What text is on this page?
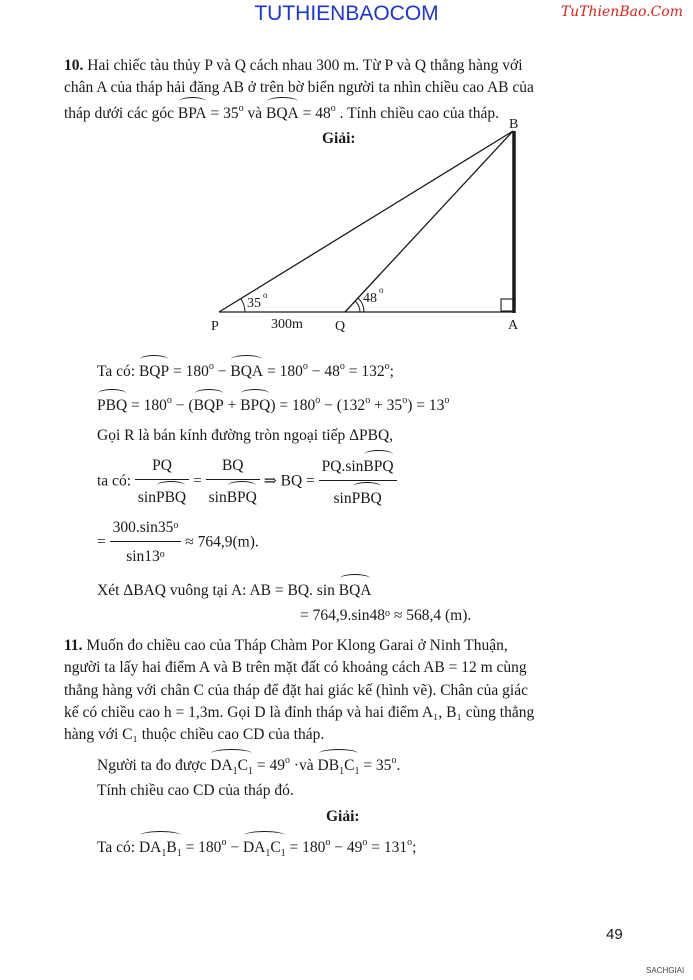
TUTHIENBAOCOM	TuThienBao.Com
10. Hai chiếc tàu thủy P và Q cách nhau 300 m. Từ P và Q thẳng hàng với
chân A của tháp hải đăng AB ở trên bờ biển người ta nhìn chiều cao AB của
tháp dưới các góc BPA = $35^o$ và BQA = $48^o$ . Tính chiều cao của tháp.
Giải:
B
P	Q	A
300m
35
o	48
o
Ta có: BQP = $180^o$ − BQA = $180^o - 48^o = 132^o$;
PBQ = $180^o - (BQP + BPQ) = 180^o - (132^o + 35^o) = 13^o$
Gọi R là bán kính đường tròn ngoại tiếp ΔPBQ,
ta có: $\frac{PQ}{\text{sinPBQ}} = \frac{BQ}{\text{sinBPQ}}$ ⇒ BQ = $\frac{\text{PQ.sinBPQ}}{\text{sinPBQ}}$
= $\frac{300.\sin 35^o}{\sin 13^o} \approx 764,9(m)$.
Xét ΔBAQ vuông tại A: AB = BQ. sin BQA
= $764,9.\sin 48^o \approx 568,4$ (m).
11. Muốn đo chiều cao của Tháp Chàm Por Klong Garai ở Ninh Thuận,
người ta lấy hai điểm A và B trên mặt đất có khoảng cách AB = 12 m cùng
thẳng hàng với chân C của tháp để đặt hai giác kế (hình vẽ). Chân của giác
kế có chiều cao h = 1,3m. Gọi D là đỉnh tháp và hai điểm A₁, B₁ cùng thẳng
hàng với C₁ thuộc chiều cao CD của tháp.
Người ta đo được $DA_1C_1 = 49^o$ ·và $DB_1C_1 = 35^o$.
Tính chiều cao CD của tháp đó.
Giải:
Ta có: $DA_1B_1 = 180^o - DA_1C_1 = 180^o - 49^o = 131^o$;
49
SACHGIAI
